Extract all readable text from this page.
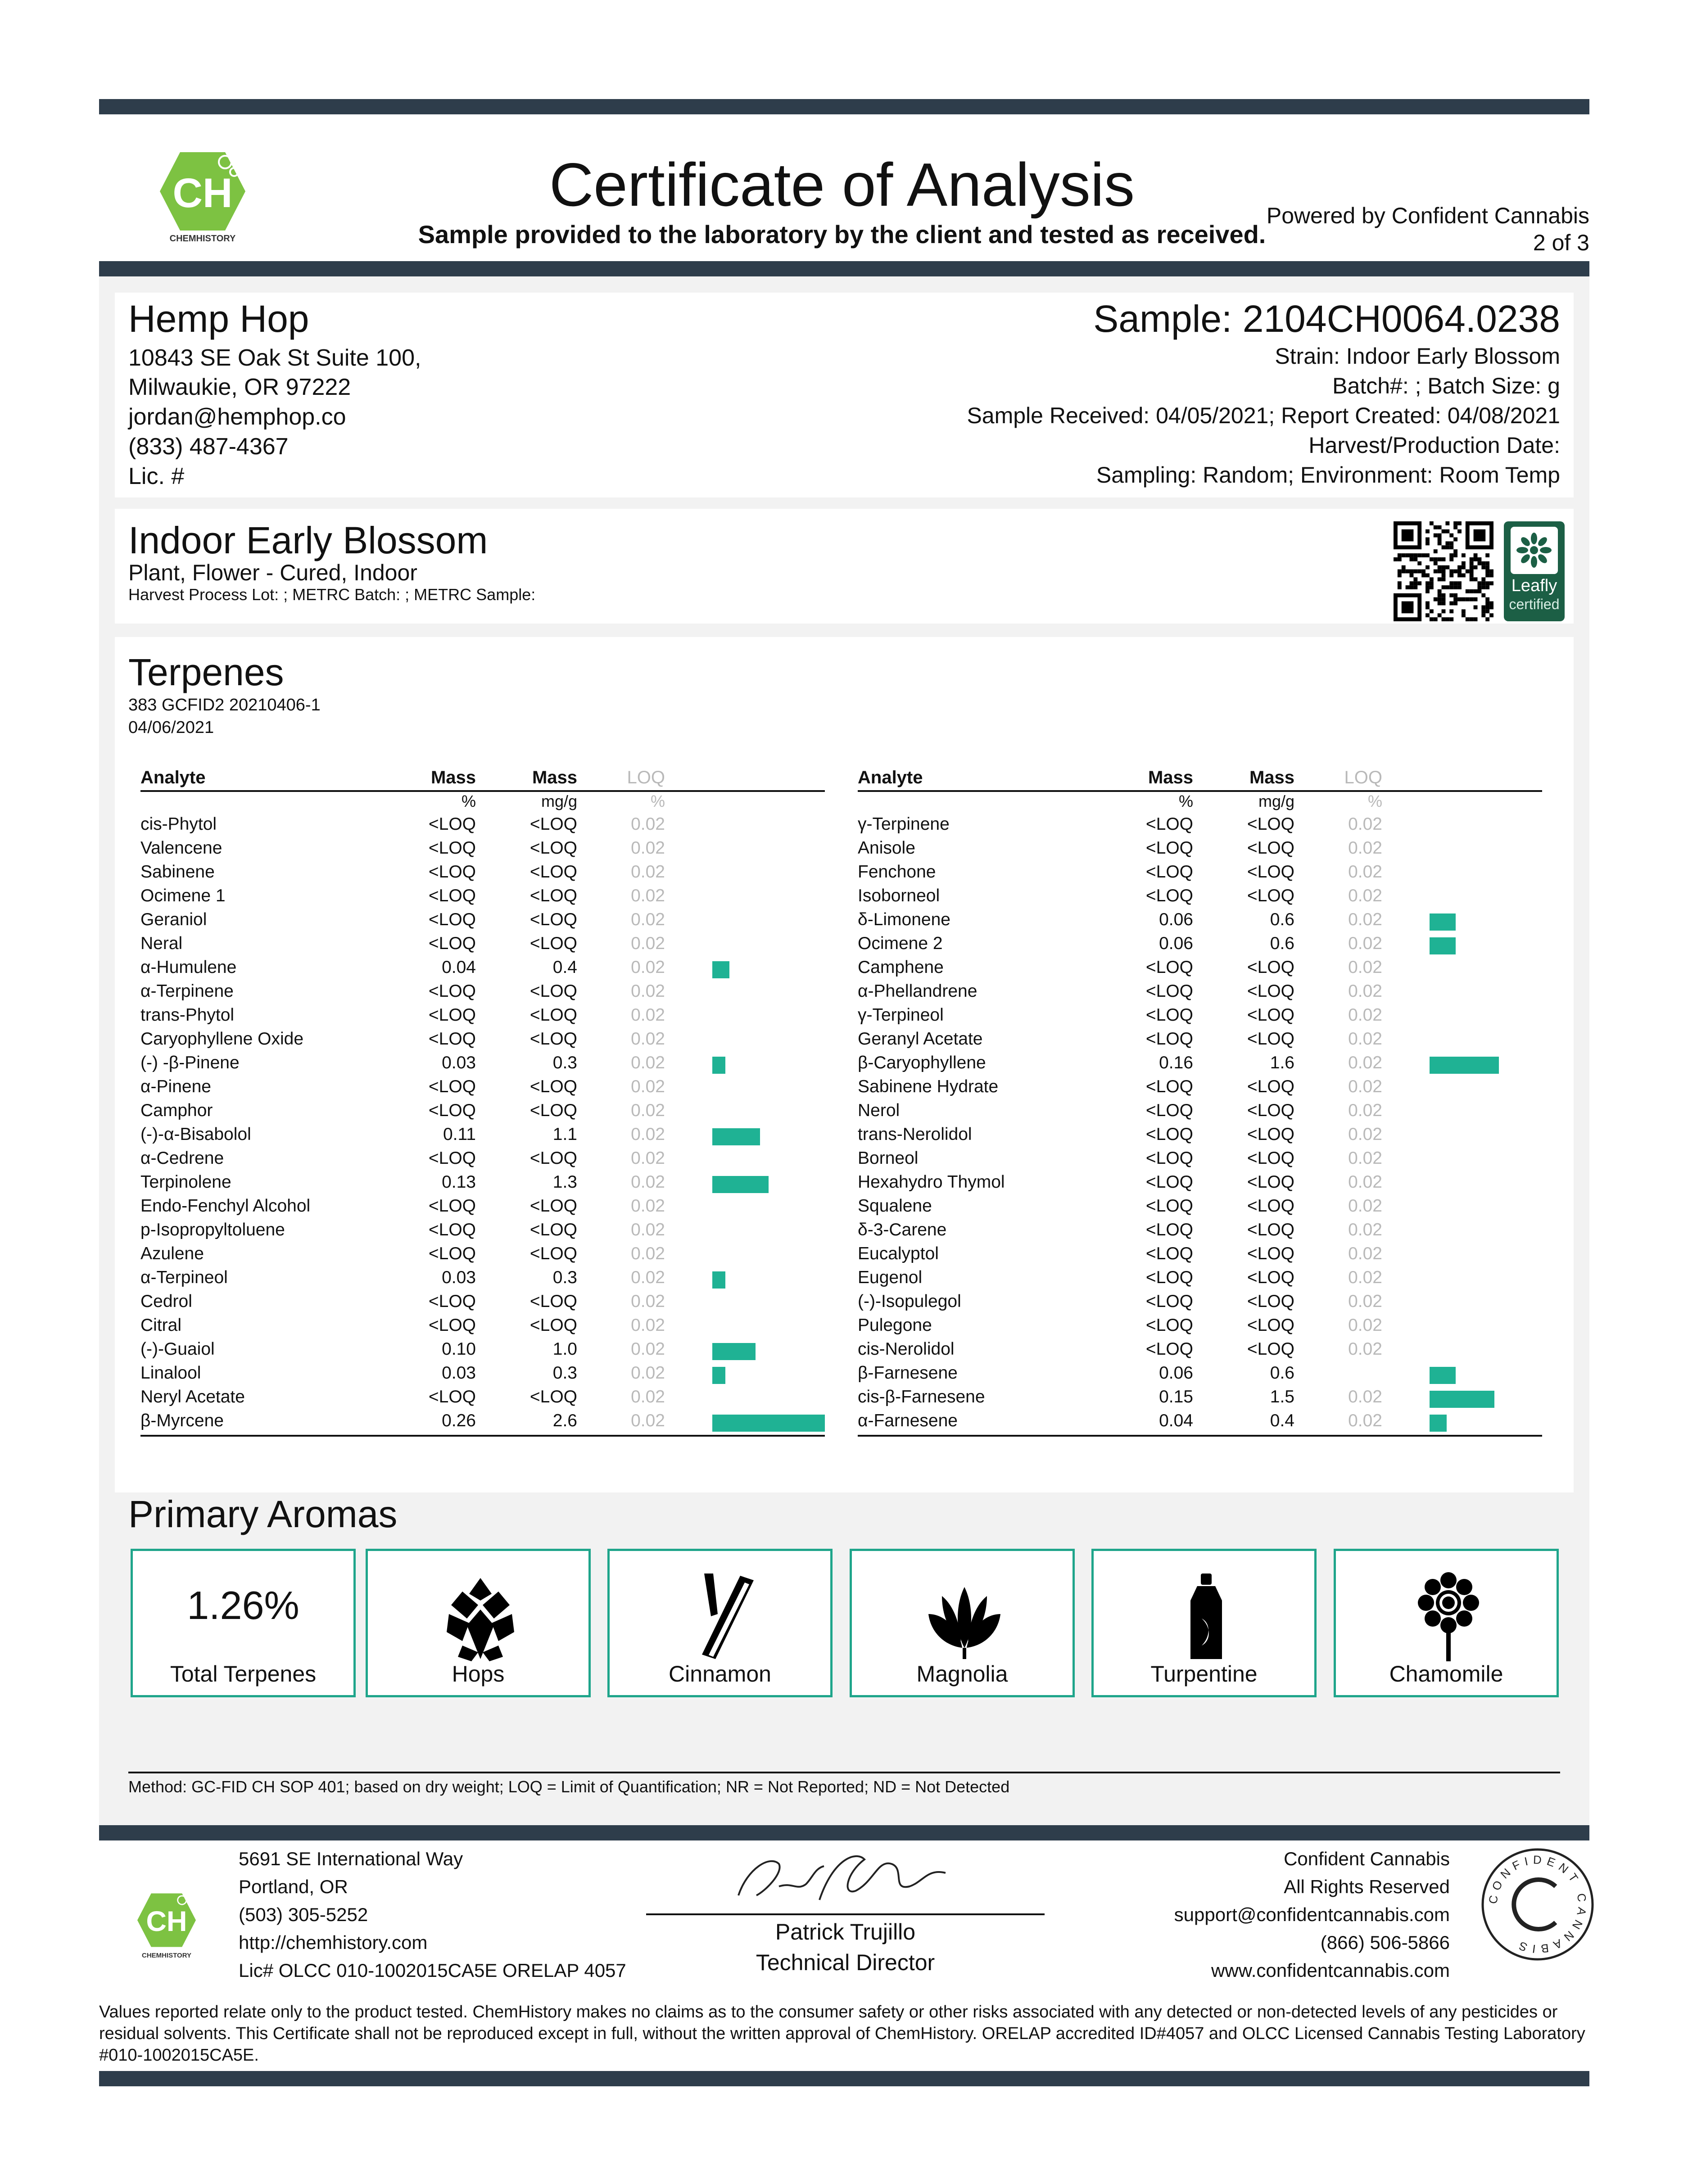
CH
CHEMHISTORY
Certificate of Analysis
Sample provided to the laboratory by the client and tested as received.
Powered by Confident Cannabis
2 of 3
Hemp Hop
10843 SE Oak St Suite 100,
Milwaukie, OR 97222
jordan@hemphop.co
(833) 487-4367
Lic. #
Sample: 2104CH0064.0238
Strain: Indoor Early Blossom
Batch#: ; Batch Size: g
Sample Received: 04/05/2021; Report Created: 04/08/2021
Harvest/Production Date:
Sampling: Random; Environment: Room Temp
Indoor Early Blossom
Plant, Flower - Cured, Indoor
Harvest Process Lot: ; METRC Batch: ; METRC Sample:	Leafly
certified
Terpenes
383 GCFID2 20210406-1
04/06/2021
Analyte	Mass	Mass	LOQ
%	mg/g	%
cis-Phytol	<LOQ	<LOQ	0.02
Valencene	<LOQ	<LOQ	0.02
Sabinene	<LOQ	<LOQ	0.02
Ocimene 1	<LOQ	<LOQ	0.02
Geraniol	<LOQ	<LOQ	0.02
Neral	<LOQ	<LOQ	0.02
α-Humulene	0.04	0.4	0.02
α-Terpinene	<LOQ	<LOQ	0.02
trans-Phytol	<LOQ	<LOQ	0.02
Caryophyllene Oxide	<LOQ	<LOQ	0.02
(-) -β-Pinene	0.03	0.3	0.02
α-Pinene	<LOQ	<LOQ	0.02
Camphor	<LOQ	<LOQ	0.02
(-)-α-Bisabolol	0.11	1.1	0.02
α-Cedrene	<LOQ	<LOQ	0.02
Terpinolene	0.13	1.3	0.02
Endo-Fenchyl Alcohol	<LOQ	<LOQ	0.02
p-Isopropyltoluene	<LOQ	<LOQ	0.02
Azulene	<LOQ	<LOQ	0.02
α-Terpineol	0.03	0.3	0.02
Cedrol	<LOQ	<LOQ	0.02
Citral	<LOQ	<LOQ	0.02
(-)-Guaiol	0.10	1.0	0.02
Linalool	0.03	0.3	0.02
Neryl Acetate	<LOQ	<LOQ	0.02
β-Myrcene	0.26	2.6	0.02
Analyte	Mass	Mass	LOQ
%	mg/g	%
γ-Terpinene	<LOQ	<LOQ	0.02
Anisole	<LOQ	<LOQ	0.02
Fenchone	<LOQ	<LOQ	0.02
Isoborneol	<LOQ	<LOQ	0.02
δ-Limonene	0.06	0.6	0.02
Ocimene 2	0.06	0.6	0.02
Camphene	<LOQ	<LOQ	0.02
α-Phellandrene	<LOQ	<LOQ	0.02
γ-Terpineol	<LOQ	<LOQ	0.02
Geranyl Acetate	<LOQ	<LOQ	0.02
β-Caryophyllene	0.16	1.6	0.02
Sabinene Hydrate	<LOQ	<LOQ	0.02
Nerol	<LOQ	<LOQ	0.02
trans-Nerolidol	<LOQ	<LOQ	0.02
Borneol	<LOQ	<LOQ	0.02
Hexahydro Thymol	<LOQ	<LOQ	0.02
Squalene	<LOQ	<LOQ	0.02
δ-3-Carene	<LOQ	<LOQ	0.02
Eucalyptol	<LOQ	<LOQ	0.02
Eugenol	<LOQ	<LOQ	0.02
(-)-Isopulegol	<LOQ	<LOQ	0.02
Pulegone	<LOQ	<LOQ	0.02
cis-Nerolidol	<LOQ	<LOQ	0.02
β-Farnesene	0.06	0.6
cis-β-Farnesene	0.15	1.5	0.02
α-Farnesene	0.04	0.4	0.02
Primary Aromas
1.26%
Total Terpenes	Hops	Cinnamon	Magnolia	Turpentine	Chamomile
Method: GC-FID CH SOP 401; based on dry weight; LOQ = Limit of Quantification; NR = Not Reported; ND = Not Detected
CH
CHEMHISTORY
5691 SE International Way
Portland, OR
(503) 305-5252
http://chemhistory.com
Lic# OLCC 010-1002015CA5E ORELAP 4057
Patrick Trujillo
Technical Director
Confident Cannabis
All Rights Reserved
support@confidentcannabis.com
(866) 506-5866
www.confidentcannabis.com
CONFIDENT CANNABIS
Values reported relate only to the product tested. ChemHistory makes no claims as to the consumer safety or other risks associated with any detected or non-detected levels of any pesticides or residual solvents. This Certificate shall not be reproduced except in full, without the written approval of ChemHistory. ORELAP accredited ID#4057 and OLCC Licensed Cannabis Testing Laboratory #010-1002015CA5E.
